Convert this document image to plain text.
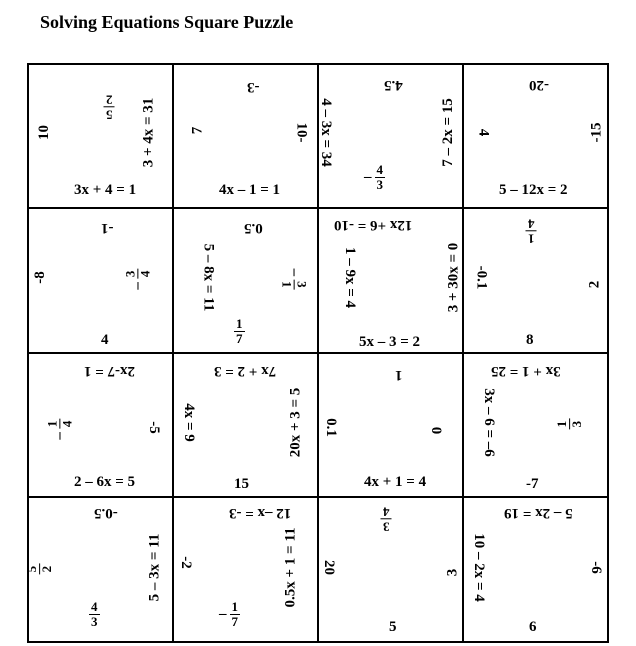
Solving Equations Square Puzzle
5
2 3 + 4x = 31
10
3x + 4 = 1
-3
7	10-
4x – 1 = 1
4.5
4 – 3x = 34	7 – 2x = 15
– $\frac{4}{3}$
-20
4	-15
5 – 12x = 2
-1
-8
–
3 4
4
0.5
5 – 8x = 11	–
3
1
$\frac{1}{7}$
12x +6 = -10
1 – 9x = 4	3 + 30x = 0
5x – 3 = 2
1
4
-0.1	2
8
2x-7 = 1
–
1 4	-5
2 – 6x = 5
7x + 2 = 3
4x = 9	20x + 3 = 5
15
1
0.1	0
4x + 1 = 4
3x + 1 = 25
3x – 6 = –6	1 3
-7
-0.5
5 2	5 – 3x = 11
$\frac{4}{3}$
12 –x = -3
-2	0.5x + 1 = 11
– $\frac{1}{7}$
3
4
20	3
5
5 – 2x = 19
10 – 2x = 4	-6
6
